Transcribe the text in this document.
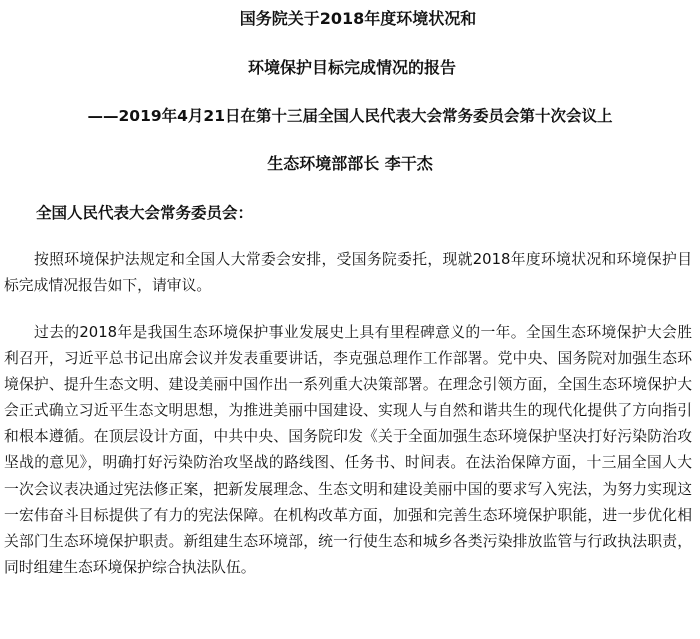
国务院关于2018年度环境状况和
环境保护目标完成情况的报告
——2019年4月21日在第十三届全国人民代表大会常务委员会第十次会议上
生态环境部部长 李干杰
全国人民代表大会常务委员会：

按照环境保护法规定和全国人大常委会安排，受国务院委托，现就2018年度环境状况和环境保护目标完成情况报告如下，请审议。

过去的2018年是我国生态环境保护事业发展史上具有里程碑意义的一年。全国生态环境保护大会胜利召开，习近平总书记出席会议并发表重要讲话，李克强总理作工作部署。党中央、国务院对加强生态环境保护、提升生态文明、建设美丽中国作出一系列重大决策部署。在理念引领方面，全国生态环境保护大会正式确立习近平生态文明思想，为推进美丽中国建设、实现人与自然和谐共生的现代化提供了方向指引和根本遵循。在顶层设计方面，中共中央、国务院印发《关于全面加强生态环境保护坚决打好污染防治攻坚战的意见》，明确打好污染防治攻坚战的路线图、任务书、时间表。在法治保障方面，十三届全国人大一次会议表决通过宪法修正案，把新发展理念、生态文明和建设美丽中国的要求写入宪法，为努力实现这一宏伟奋斗目标提供了有力的宪法保障。在机构改革方面，加强和完善生态环境保护职能，进一步优化相关部门生态环境保护职责。新组建生态环境部，统一行使生态和城乡各类污染排放监管与行政执法职责，同时组建生态环境保护综合执法队伍。
